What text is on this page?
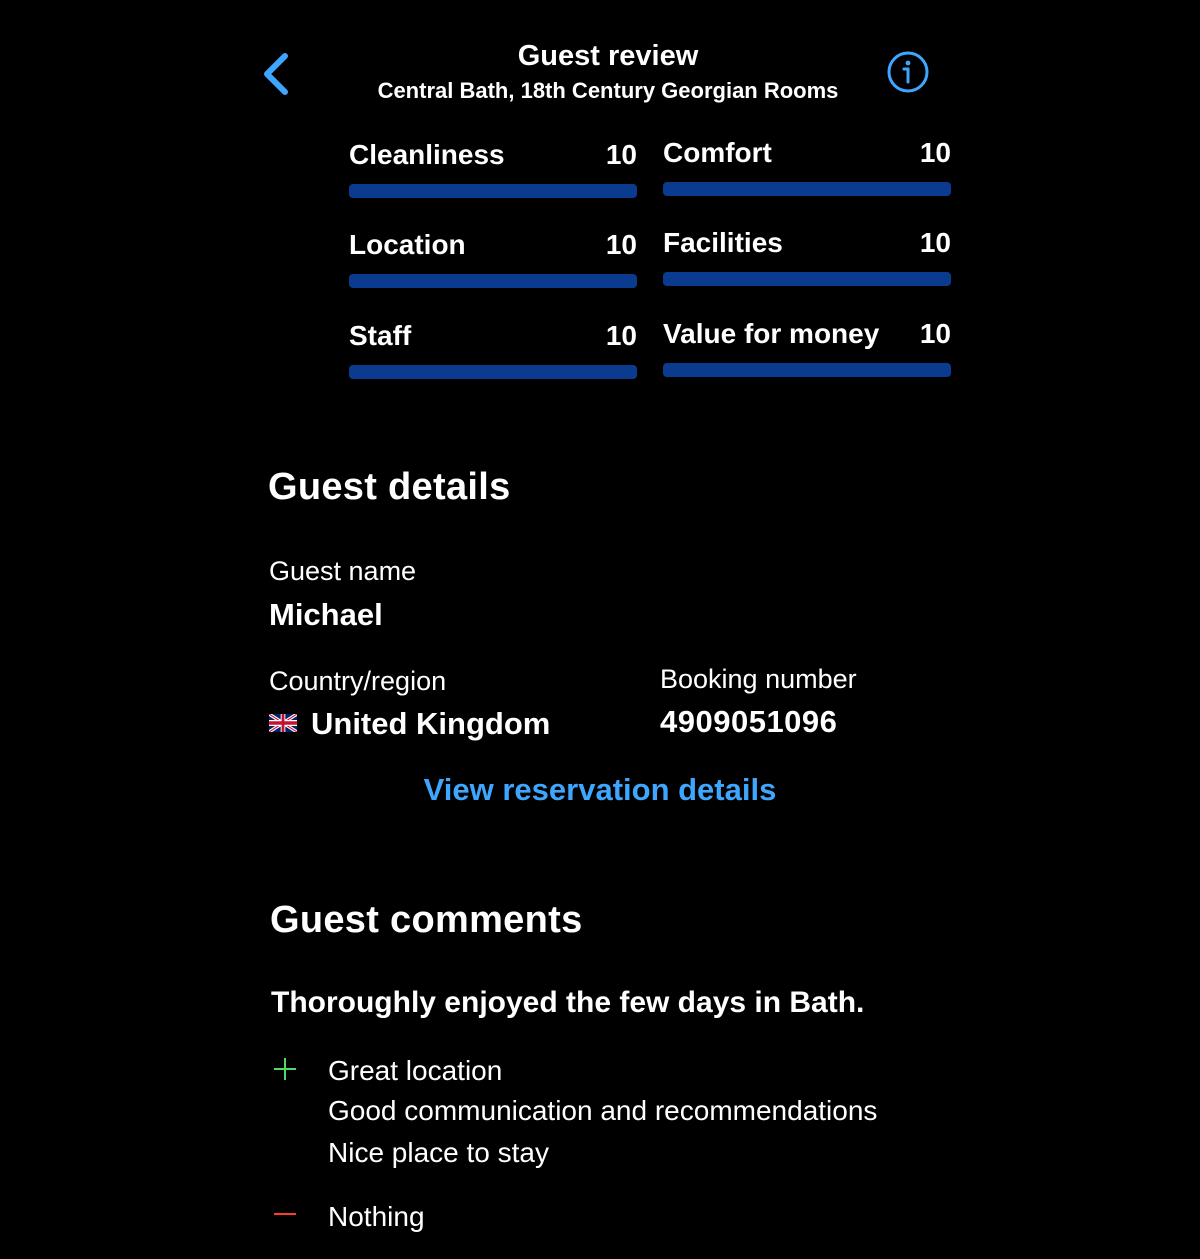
Guest review
Central Bath, 18th Century Georgian Rooms
Cleanliness	10 Comfort	10
Location	10 Facilities	10
Staff	10 Value for money 10
Guest details
Guest name
Michael
Country/region
United Kingdom
Booking number
4909051096
View reservation details
Guest comments
Thoroughly enjoyed the few days in Bath.
Great location
Good communication and recommendations
Nice place to stay
Nothing
